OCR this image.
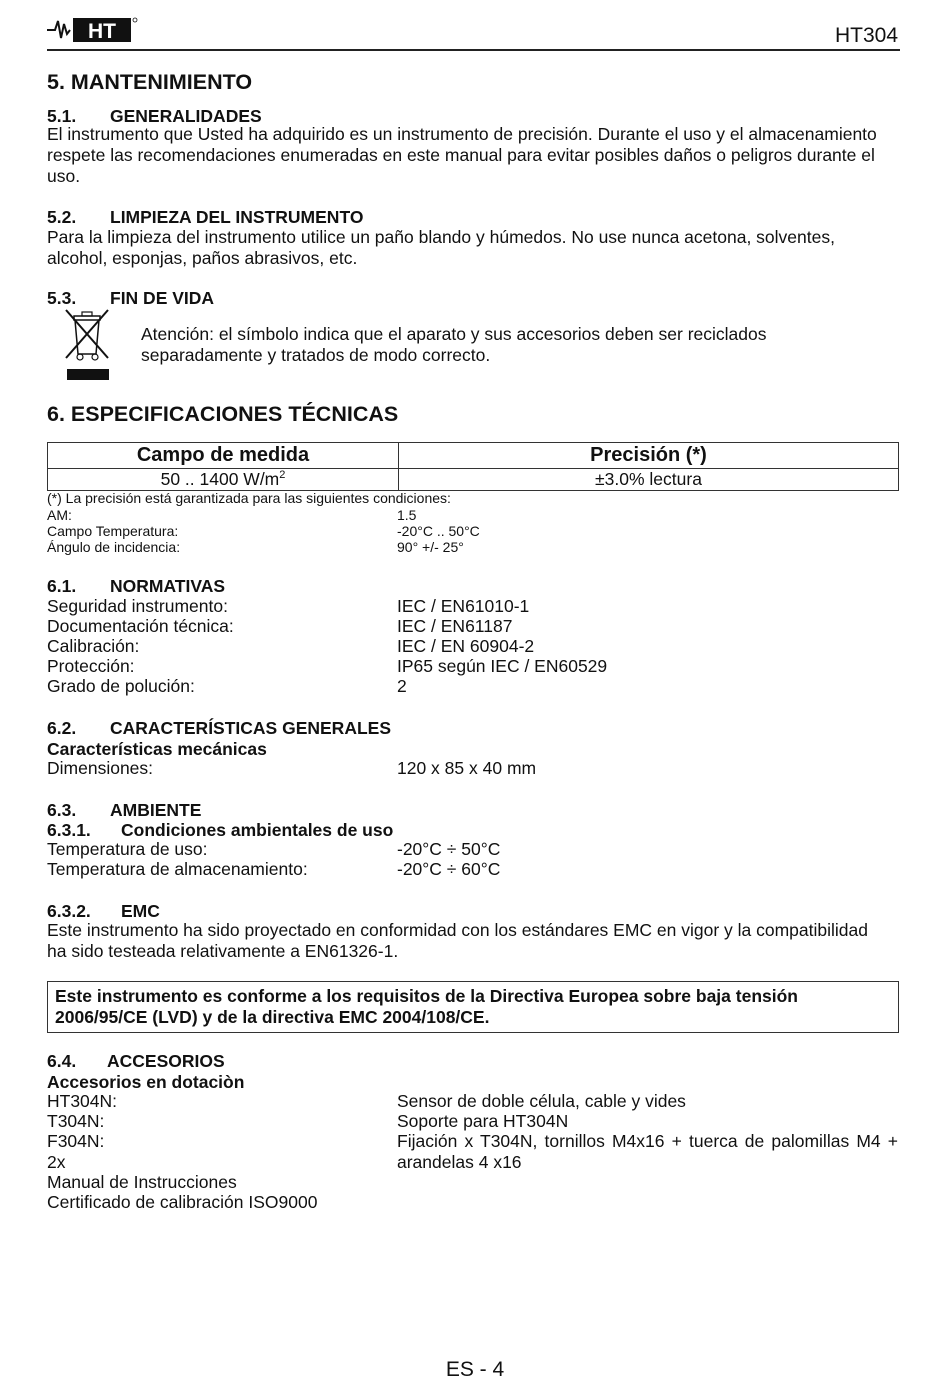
HT	HT304
5. MANTENIMIENTO
5.1. GENERALIDADES
El instrumento que Usted ha adquirido es un instrumento de precisión. Durante el uso y el almacenamiento
respete las recomendaciones enumeradas en este manual para evitar posibles daños o peligros durante el
uso.
5.2. LIMPIEZA DEL INSTRUMENTO
Para la limpieza del instrumento utilice un paño blando y húmedos. No use nunca acetona, solventes,
alcohol, esponjas, paños abrasivos, etc.
5.3. FIN DE VIDA
Atención: el símbolo indica que el aparato y sus accesorios deben ser reciclados
separadamente y tratados de modo correcto.
6. ESPECIFICACIONES TÉCNICAS
Campo de medida	Precisión (*)
50 .. 1400 $W/m^2$	±3.0% lectura
(*) La precisión está garantizada para las siguientes condiciones:
AM:	1.5
Campo Temperatura:	-20°C .. 50°C
Ángulo de incidencia:	90° +/- 25°
6.1. NORMATIVAS
Seguridad instrumento:	IEC / EN61010-1
Documentación técnica:	IEC / EN61187
Calibración:	IEC / EN 60904-2
Protección:	IP65 según IEC / EN60529
Grado de polución:	2
6.2. CARACTERÍSTICAS GENERALES
Características mecánicas
Dimensiones:	120 x 85 x 40 mm
6.3. AMBIENTE
6.3.1. Condiciones ambientales de uso
Temperatura de uso:	-20°C ÷ 50°C
Temperatura de almacenamiento:	-20°C ÷ 60°C
6.3.2. EMC
Este instrumento ha sido proyectado en conformidad con los estándares EMC en vigor y la compatibilidad
ha sido testeada relativamente a EN61326-1.
Este instrumento es conforme a los requisitos de la Directiva Europea sobre baja tensión
2006/95/CE (LVD) y de la directiva EMC 2004/108/CE.
6.4. ACCESORIOS
Accesorios en dotaciòn
HT304N:	Sensor de doble célula, cable y vides
T304N:	Soporte para HT304N
F304N:	Fijación x T304N, tornillos M4x16 + tuerca de palomillas M4 +
2x	arandelas 4 x16
Manual de Instrucciones
Certificado de calibración ISO9000
ES - 4
